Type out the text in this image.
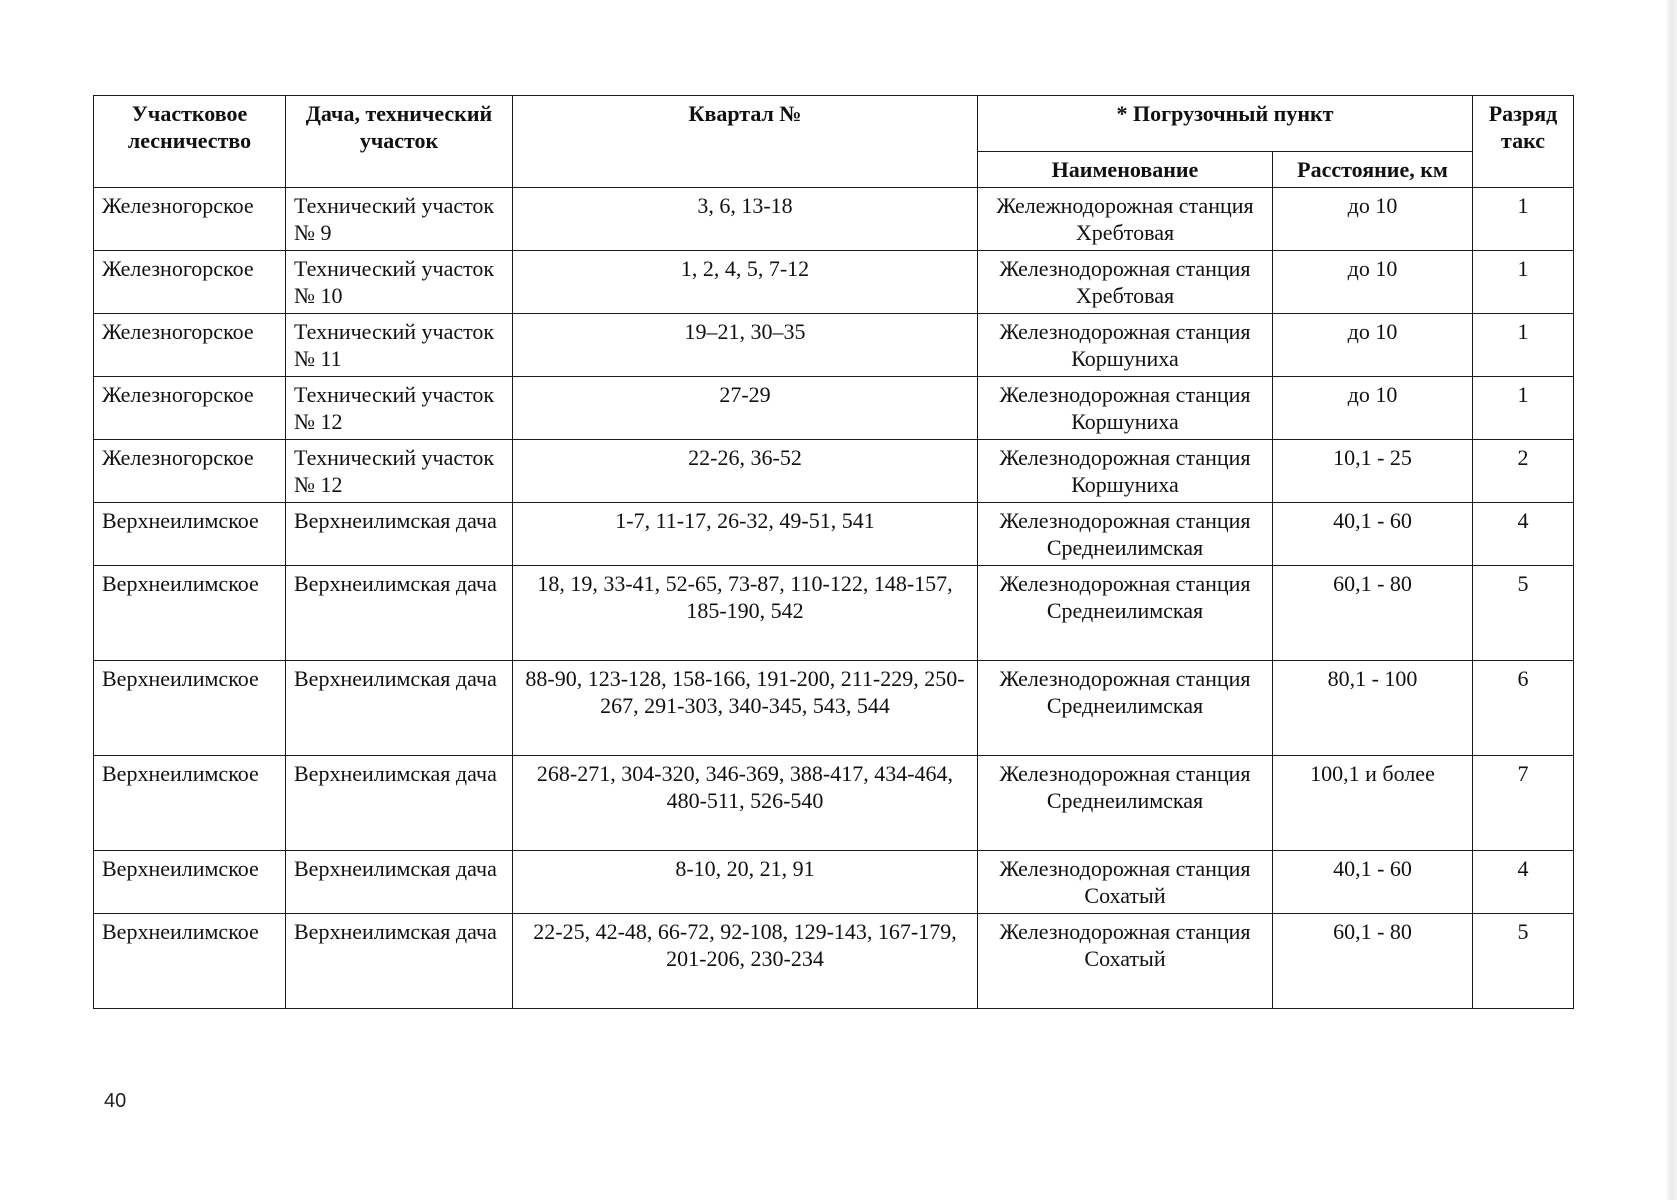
Участковое лесничество	Дача, технический участок	Квартал №	* Погрузочный пункт		Разряд такс
			Наименование	Расстояние, км	
Железногорское	Технический участок № 9	3, 6, 13-18	Жележнодорожная станция Хребтовая	до 10	1
Железногорское	Технический участок № 10	1, 2, 4, 5, 7-12	Железнодорожная станция Хребтовая	до 10	1
Железногорское	Технический участок № 11	19–21, 30–35	Железнодорожная станция Коршуниха	до 10	1
Железногорское	Технический участок № 12	27-29	Железнодорожная станция Коршуниха	до 10	1
Железногорское	Технический участок № 12	22-26, 36-52	Железнодорожная станция Коршуниха	10,1 - 25	2
Верхнеилимское	Верхнеилимская дача	1-7, 11-17, 26-32, 49-51, 541	Железнодорожная станция Среднеилимская	40,1 - 60	4
Верхнеилимское	Верхнеилимская дача	18, 19, 33-41, 52-65, 73-87, 110-122, 148-157, 185-190, 542	Железнодорожная станция Среднеилимская	60,1 - 80	5
Верхнеилимское	Верхнеилимская дача	88-90, 123-128, 158-166, 191-200, 211-229, 250-267, 291-303, 340-345, 543, 544	Железнодорожная станция Среднеилимская	80,1 - 100	6
Верхнеилимское	Верхнеилимская дача	268-271, 304-320, 346-369, 388-417, 434-464, 480-511, 526-540	Железнодорожная станция Среднеилимская	100,1 и более	7
Верхнеилимское	Верхнеилимская дача	8-10, 20, 21, 91	Железнодорожная станция Сохатый	40,1 - 60	4
Верхнеилимское	Верхнеилимская дача	22-25, 42-48, 66-72, 92-108, 129-143, 167-179, 201-206, 230-234	Железнодорожная станция Сохатый	60,1 - 80	5
40
